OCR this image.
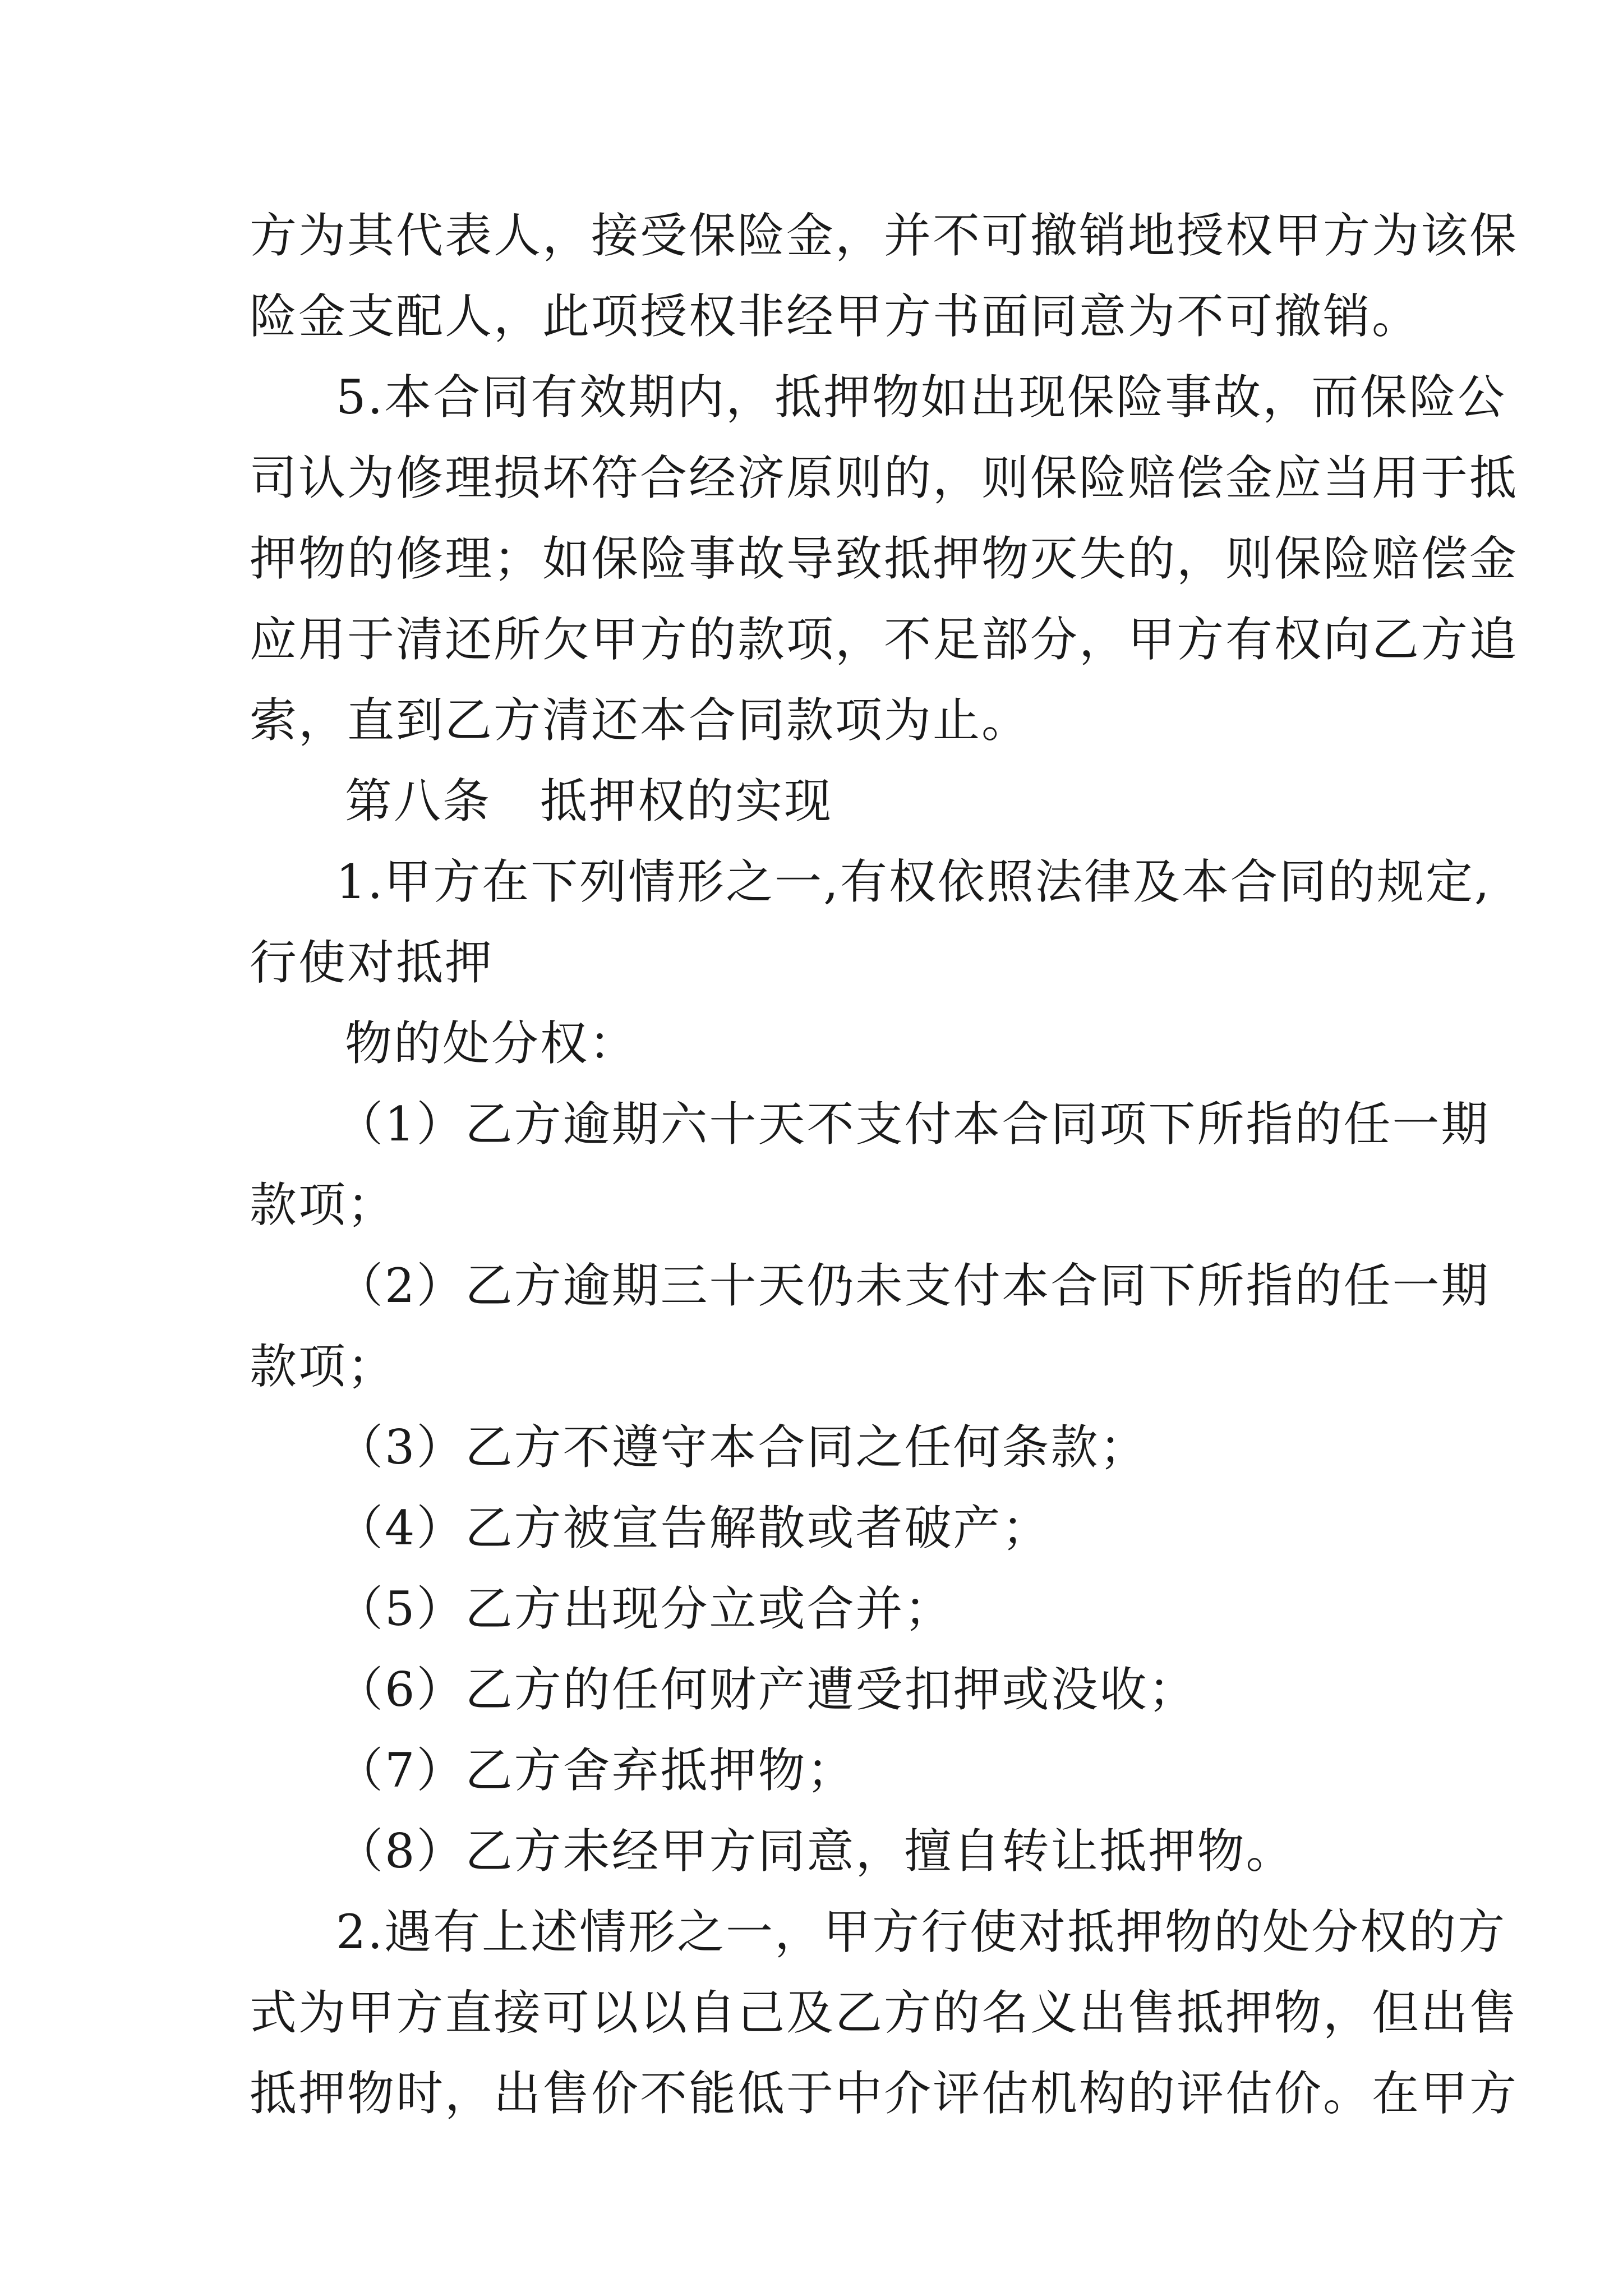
方为其代表人，接受保险金，并不可撤销地授权甲方为该保
险金支配人，此项授权非经甲方书面同意为不可撤销。
5.本合同有效期内，抵押物如出现保险事故，而保险公
司认为修理损坏符合经济原则的，则保险赔偿金应当用于抵
押物的修理；如保险事故导致抵押物灭失的，则保险赔偿金
应用于清还所欠甲方的款项，不足部分，甲方有权向乙方追
索，直到乙方清还本合同款项为止。
第八条　抵押权的实现
1.甲方在下列情形之一,有权依照法律及本合同的规定,
行使对抵押
物的处分权：
（1）乙方逾期六十天不支付本合同项下所指的任一期
款项；
（2）乙方逾期三十天仍未支付本合同下所指的任一期
款项；
（3）乙方不遵守本合同之任何条款；
（4）乙方被宣告解散或者破产；
（5）乙方出现分立或合并；
（6）乙方的任何财产遭受扣押或没收；
（7）乙方舍弃抵押物；
（8）乙方未经甲方同意，擅自转让抵押物。
2.遇有上述情形之一，甲方行使对抵押物的处分权的方
式为甲方直接可以以自己及乙方的名义出售抵押物，但出售
抵押物时，出售价不能低于中介评估机构的评估价。在甲方
